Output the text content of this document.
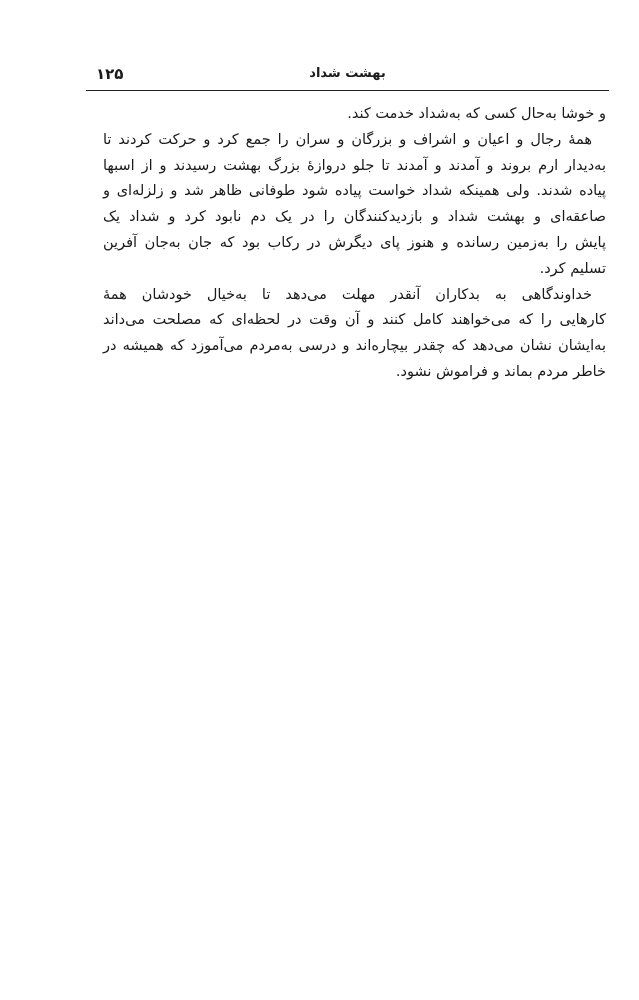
بهشت شداد
۱۲۵
و خوشا به‌حال کسی که به‌شداد خدمت کند.
همهٔ رجال و اعیان و اشراف و بزرگان و سران را جمع کرد و حرکت کردند تا
به‌دیدار ارم بروند و آمدند و آمدند تا جلو دروازهٔ بزرگ بهشت رسیدند و از اسبها
پیاده شدند. ولی همینکه شداد خواست پیاده شود طوفانی ظاهر شد و زلزله‌ای و
صاعقه‌ای و بهشت شداد و بازدیدکنندگان را در یک دم نابود کرد و شداد یک
پایش را به‌زمین رسانده و هنوز پای دیگرش در رکاب بود که جان به‌جان آفرین
تسلیم کرد.
خداوندگاهی به بدکاران آنقدر مهلت می‌دهد تا به‌خیال خودشان همهٔ
کارهایی را که می‌خواهند کامل کنند و آن وقت در لحظه‌ای که مصلحت می‌داند
به‌ایشان نشان می‌دهد که چقدر بیچاره‌اند و درسی به‌مردم می‌آموزد که همیشه در
خاطر مردم بماند و فراموش نشود.
